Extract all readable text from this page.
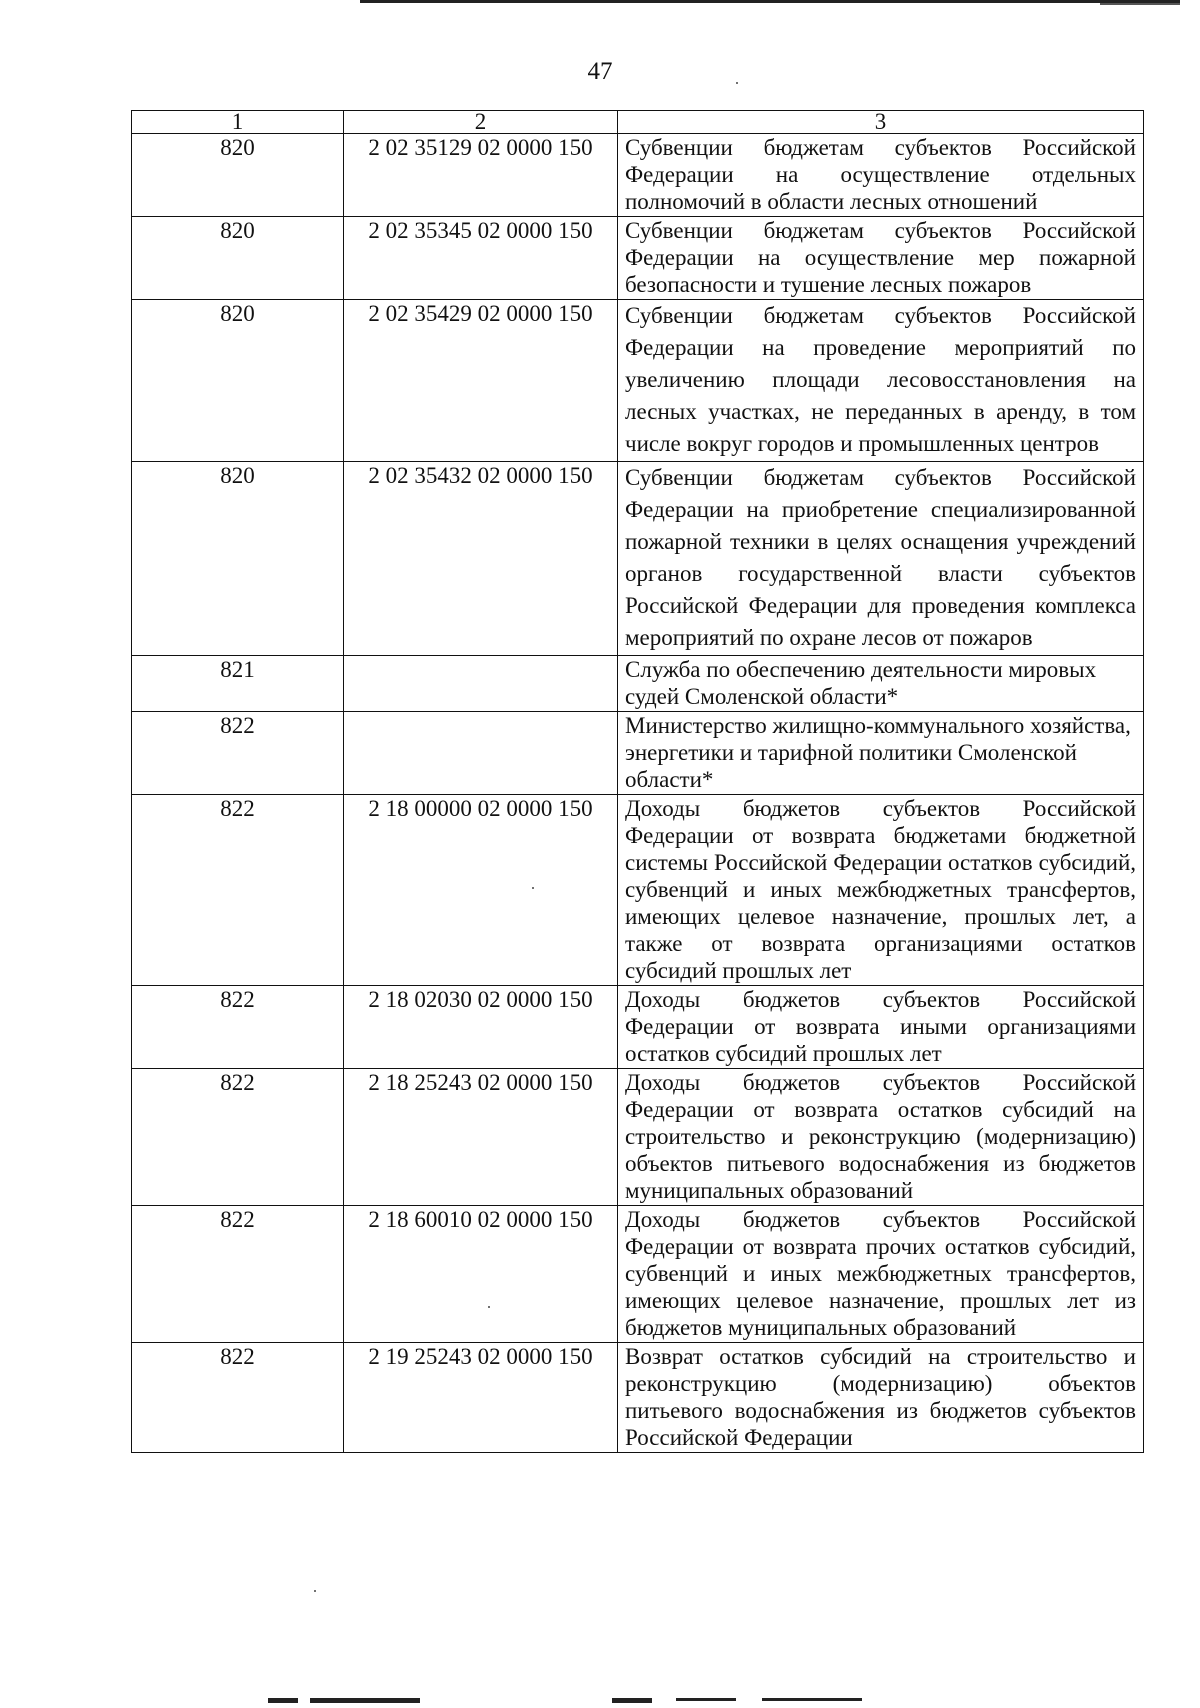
47
1	2	3
820	2 02 35129 02 0000 150	Субвенции бюджетам субъектов Российской Федерации на осуществление отдельных полномочий в области лесных отношений
820	2 02 35345 02 0000 150	Субвенции бюджетам субъектов Российской Федерации на осуществление мер пожарной безопасности и тушение лесных пожаров
820	2 02 35429 02 0000 150	Субвенции бюджетам субъектов Российской Федерации на проведение мероприятий по увеличению площади лесовосстановления на лесных участках, не переданных в аренду, в том числе вокруг городов и промышленных центров
820	2 02 35432 02 0000 150	Субвенции бюджетам субъектов Российской Федерации на приобретение специализированной пожарной техники в целях оснащения учреждений органов государственной власти субъектов Российской Федерации для проведения комплекса мероприятий по охране лесов от пожаров
821		Служба по обеспечению деятельности мировых судей Смоленской области*
822		Министерство жилищно-коммунального хозяйства, энергетики и тарифной политики Смоленской области*
822	2 18 00000 02 0000 150	Доходы бюджетов субъектов Российской Федерации от возврата бюджетами бюджетной системы Российской Федерации остатков субсидий, субвенций и иных межбюджетных трансфертов, имеющих целевое назначение, прошлых лет, а также от возврата организациями остатков субсидий прошлых лет
822	2 18 02030 02 0000 150	Доходы бюджетов субъектов Российской Федерации от возврата иными организациями остатков субсидий прошлых лет
822	2 18 25243 02 0000 150	Доходы бюджетов субъектов Российской Федерации от возврата остатков субсидий на строительство и реконструкцию (модернизацию) объектов питьевого водоснабжения из бюджетов муниципальных образований
822	2 18 60010 02 0000 150	Доходы бюджетов субъектов Российской Федерации от возврата прочих остатков субсидий, субвенций и иных межбюджетных трансфертов, имеющих целевое назначение, прошлых лет из бюджетов муниципальных образований
822	2 19 25243 02 0000 150	Возврат остатков субсидий на строительство и реконструкцию (модернизацию) объектов питьевого водоснабжения из бюджетов субъектов Российской Федерации
